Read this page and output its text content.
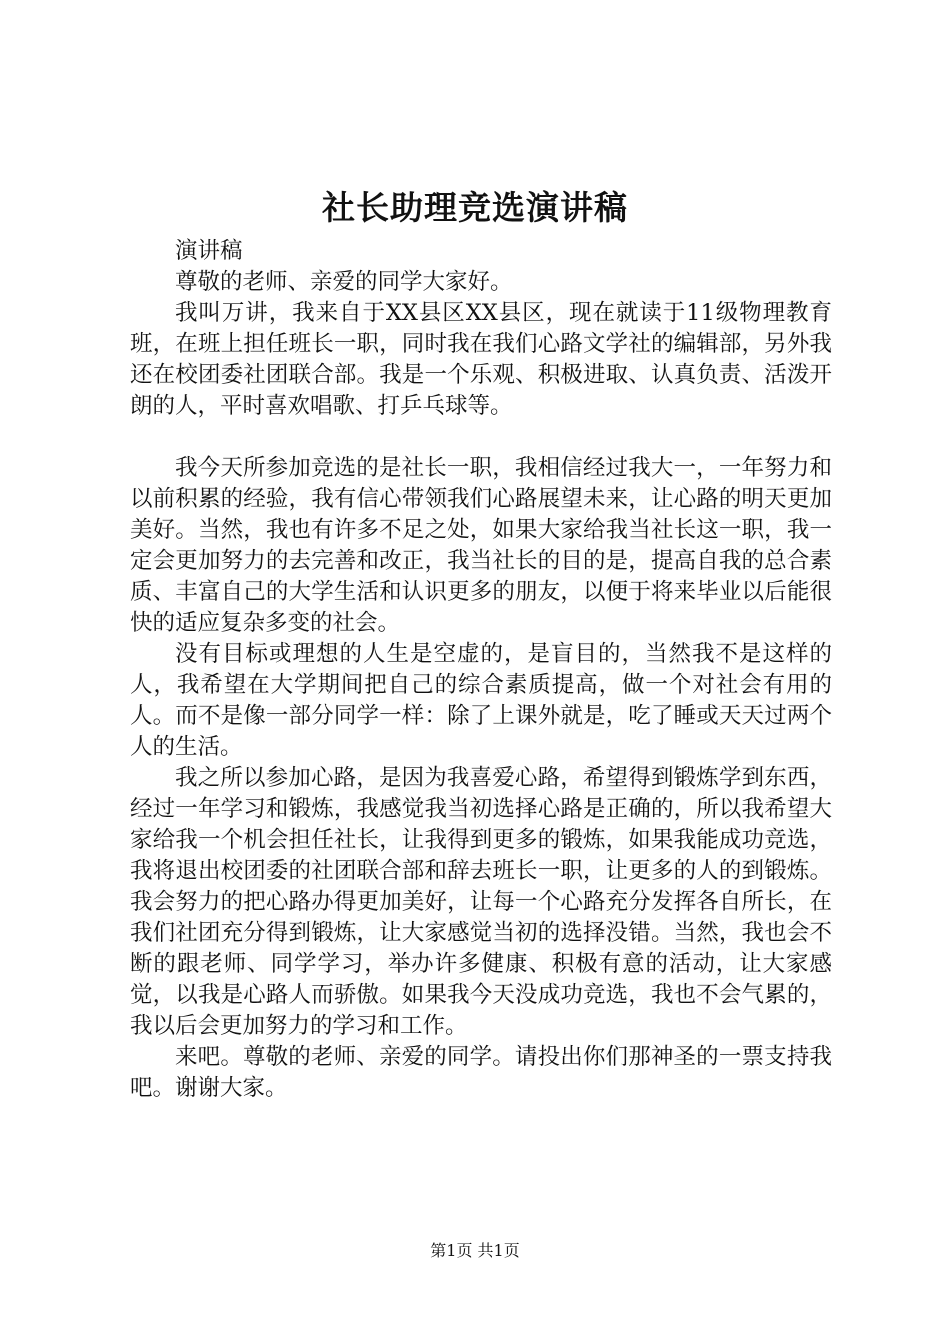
社长助理竞选演讲稿

演讲稿

尊敬的老师、亲爱的同学大家好。

我叫万讲，我来自于XX县区XX县区，现在就读于11级物理教育班，在班上担任班长一职，同时我在我们心路文学社的编辑部，另外我还在校团委社团联合部。我是一个乐观、积极进取、认真负责、活泼开朗的人，平时喜欢唱歌、打乒乓球等。

我今天所参加竞选的是社长一职，我相信经过我大一，一年努力和以前积累的经验，我有信心带领我们心路展望未来，让心路的明天更加美好。当然，我也有许多不足之处，如果大家给我当社长这一职，我一定会更加努力的去完善和改正，我当社长的目的是，提高自我的总合素质、丰富自己的大学生活和认识更多的朋友，以便于将来毕业以后能很快的适应复杂多变的社会。

没有目标或理想的人生是空虚的，是盲目的，当然我不是这样的人，我希望在大学期间把自己的综合素质提高，做一个对社会有用的人。而不是像一部分同学一样：除了上课外就是，吃了睡或天天过两个人的生活。

我之所以参加心路，是因为我喜爱心路，希望得到锻炼学到东西，经过一年学习和锻炼，我感觉我当初选择心路是正确的，所以我希望大家给我一个机会担任社长，让我得到更多的锻炼，如果我能成功竞选，我将退出校团委的社团联合部和辞去班长一职，让更多的人的到锻炼。我会努力的把心路办得更加美好，让每一个心路充分发挥各自所长，在我们社团充分得到锻炼，让大家感觉当初的选择没错。当然，我也会不断的跟老师、同学学习，举办许多健康、积极有意的活动，让大家感觉，以我是心路人而骄傲。如果我今天没成功竞选，我也不会气累的，我以后会更加努力的学习和工作。

来吧。尊敬的老师、亲爱的同学。请投出你们那神圣的一票支持我吧。谢谢大家。

第1页 共1页
